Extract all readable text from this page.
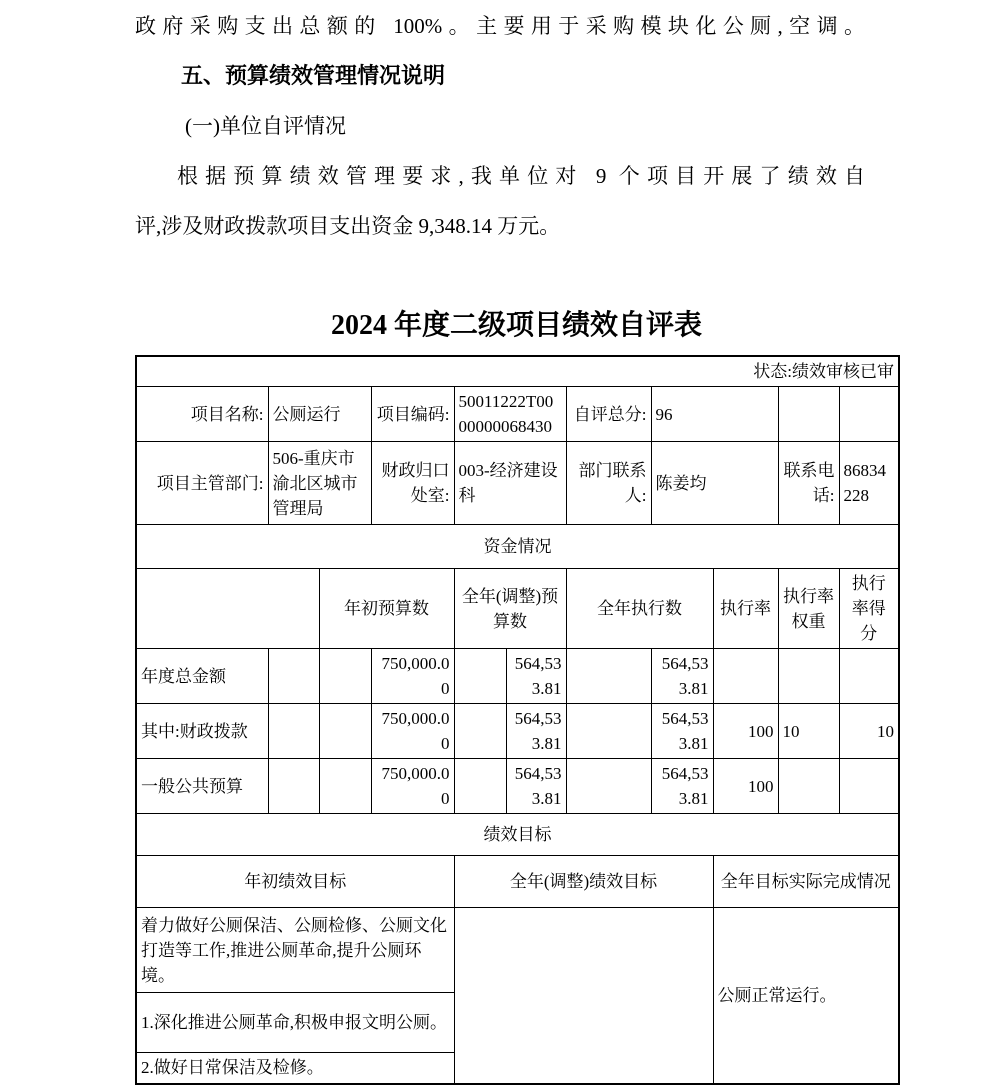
政府采购支出总额的 100%。主要用于采购模块化公厕,空调。
五、预算绩效管理情况说明
(一)单位自评情况
根据预算绩效管理要求,我单位对 9 个项目开展了绩效自
评,涉及财政拨款项目支出资金 9,348.14 万元。
2024 年度二级项目绩效自评表
状态:绩效审核已审										
项目名称:	公厕运行		项目编码:	50011222T0000000068430		自评总分:	96			
项目主管部门:	506-重庆市渝北区城市管理局		财政归口处室:	003-经济建设科		部门联系人:	陈姜均		联系电话:	86834228
资金情况										
		年初预算数		全年(调整)预算数		全年执行数		执行率	执行率权重	执行率得分
年度总金额			750,000.00		564,533.81		564,533.81			
其中:财政拨款			750,000.00		564,533.81		564,533.81	100	10	10
一般公共预算			750,000.00		564,533.81		564,533.81	100		
绩效目标										
年初绩效目标				全年(调整)绩效目标				全年目标实际完成情况		
着力做好公厕保洁、公厕检修、公厕文化打造等工作,推进公厕革命,提升公厕环境。								公厕正常运行。		
1.深化推进公厕革命,积极申报文明公厕。										
2.做好日常保洁及检修。										
